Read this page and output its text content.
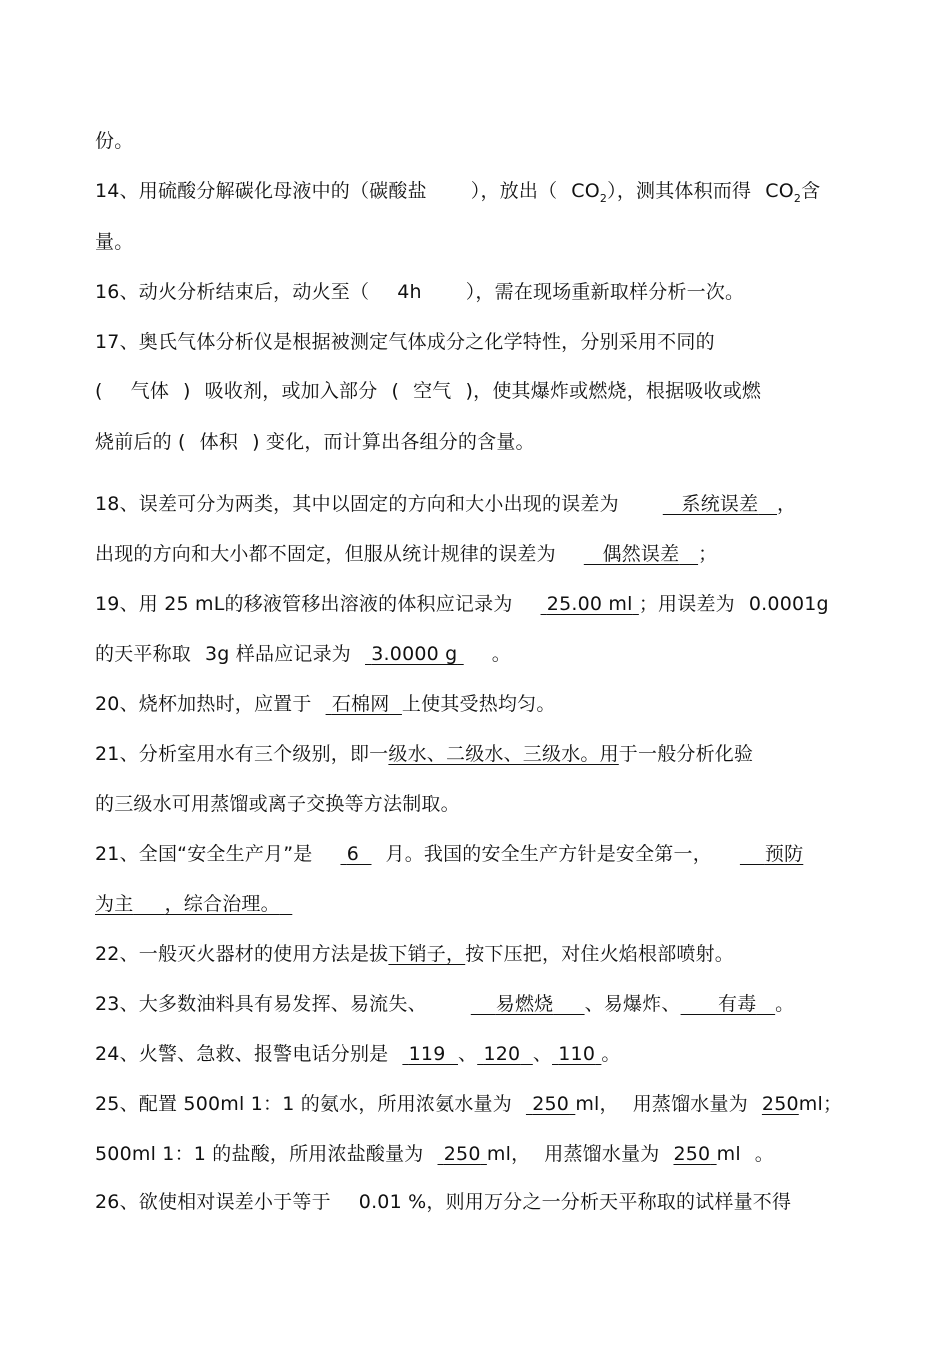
份。
14、用硫酸分解碳化母液中的（碳酸盐 ），放出（ $CO_2$），测其体积而得 $CO_2$含
量。
16、动火分析结束后，动火至（ 4h ），需在现场重新取样分析一次。
17、奥氏气体分析仪是根据被测定气体成分之化学特性，分别采用不同的
( 气体 ) 吸收剂，或加入部分 ( 空气 )，使其爆炸或燃烧，根据吸收或燃
烧前后的 ( 体积 ) 变化，而计算出各组分的含量。
18、误差可分为两类，其中以固定的方向和大小出现的误差为	系统误差 ，
出现的方向和大小都不固定，但服从统计规律的误差为 偶然误差 ；
19、用 25 mL的移液管移出溶液的体积应记录为 25.00 ml ；用误差为 0.0001g
的天平称取 3g 样品应记录为 3.0000 g 。
20、烧杯加热时，应置于 石棉网 上使其受热均匀。
21、分析室用水有三个级别，即一级水、二级水、三级水。用于一般分析化验
的三级水可用蒸馏或离子交换等方法制取。
21、全国“安全生产月”是 6 月。我国的安全生产方针是安全第一，	预防
为主 ，综合治理。
22、一般灭火器材的使用方法是拔下销子，按下压把，对住火焰根部喷射。
23、大多数油料具有易发挥、易流失、	易燃烧 、易爆炸、 有毒 。
24、火警、急救、报警电话分别是 119 、 120 、 110 。
25、配置 500ml 1：1 的氨水，所用浓氨水量为 250 ml， 用蒸馏水量为 250ml；
500ml 1：1 的盐酸，所用浓盐酸量为 250 ml， 用蒸馏水量为 250 ml 。
26、欲使相对误差小于等于 0.01 %，则用万分之一分析天平称取的试样量不得
